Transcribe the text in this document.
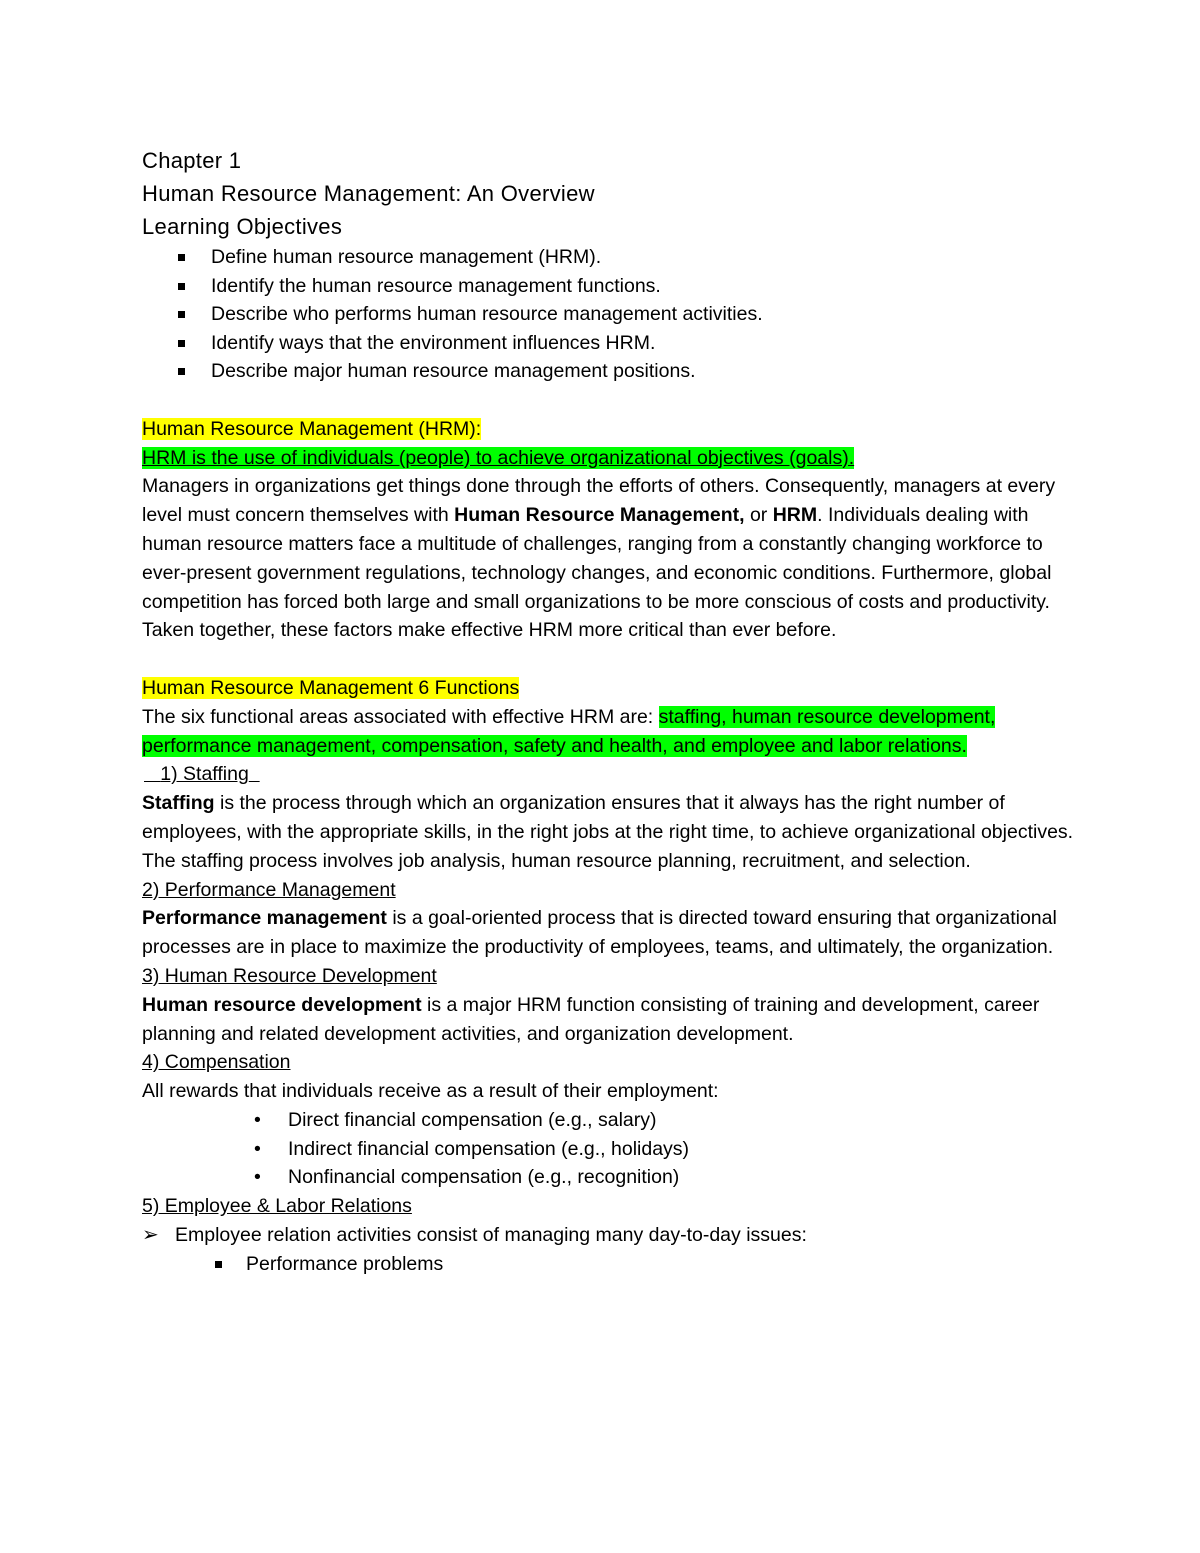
Chapter 1
Human Resource Management: An Overview
Learning Objectives
Define human resource management (HRM).
Identify the human resource management functions.
Describe who performs human resource management activities.
Identify ways that the environment influences HRM.
Describe major human resource management positions.

Human Resource Management (HRM):

HRM is the use of individuals (people) to achieve organizational objectives (goals).

Managers in organizations get things done through the efforts of others. Consequently, managers at every level must concern themselves with Human Resource Management, or HRM. Individuals dealing with human resource matters face a multitude of challenges, ranging from a constantly changing workforce to ever-present government regulations, technology changes, and economic conditions. Furthermore, global competition has forced both large and small organizations to be more conscious of costs and productivity. Taken together, these factors make effective HRM more critical than ever before.

Human Resource Management 6 Functions

The six functional areas associated with effective HRM are: staffing, human resource development, performance management, compensation, safety and health, and employee and labor relations.

1) Staffing

Staffing is the process through which an organization ensures that it always has the right number of employees, with the appropriate skills, in the right jobs at the right time, to achieve organizational objectives. The staffing process involves job analysis, human resource planning, recruitment, and selection.

2) Performance Management

Performance management is a goal-oriented process that is directed toward ensuring that organizational processes are in place to maximize the productivity of employees, teams, and ultimately, the organization.

3) Human Resource Development

Human resource development is a major HRM function consisting of training and development, career planning and related development activities, and organization development.

4) Compensation

All rewards that individuals receive as a result of their employment:

• Direct financial compensation (e.g., salary)
• Indirect financial compensation (e.g., holidays)
• Nonfinancial compensation (e.g., recognition)

5) Employee & Labor Relations

➢ Employee relation activities consist of managing many day-to-day issues:
Performance problems
